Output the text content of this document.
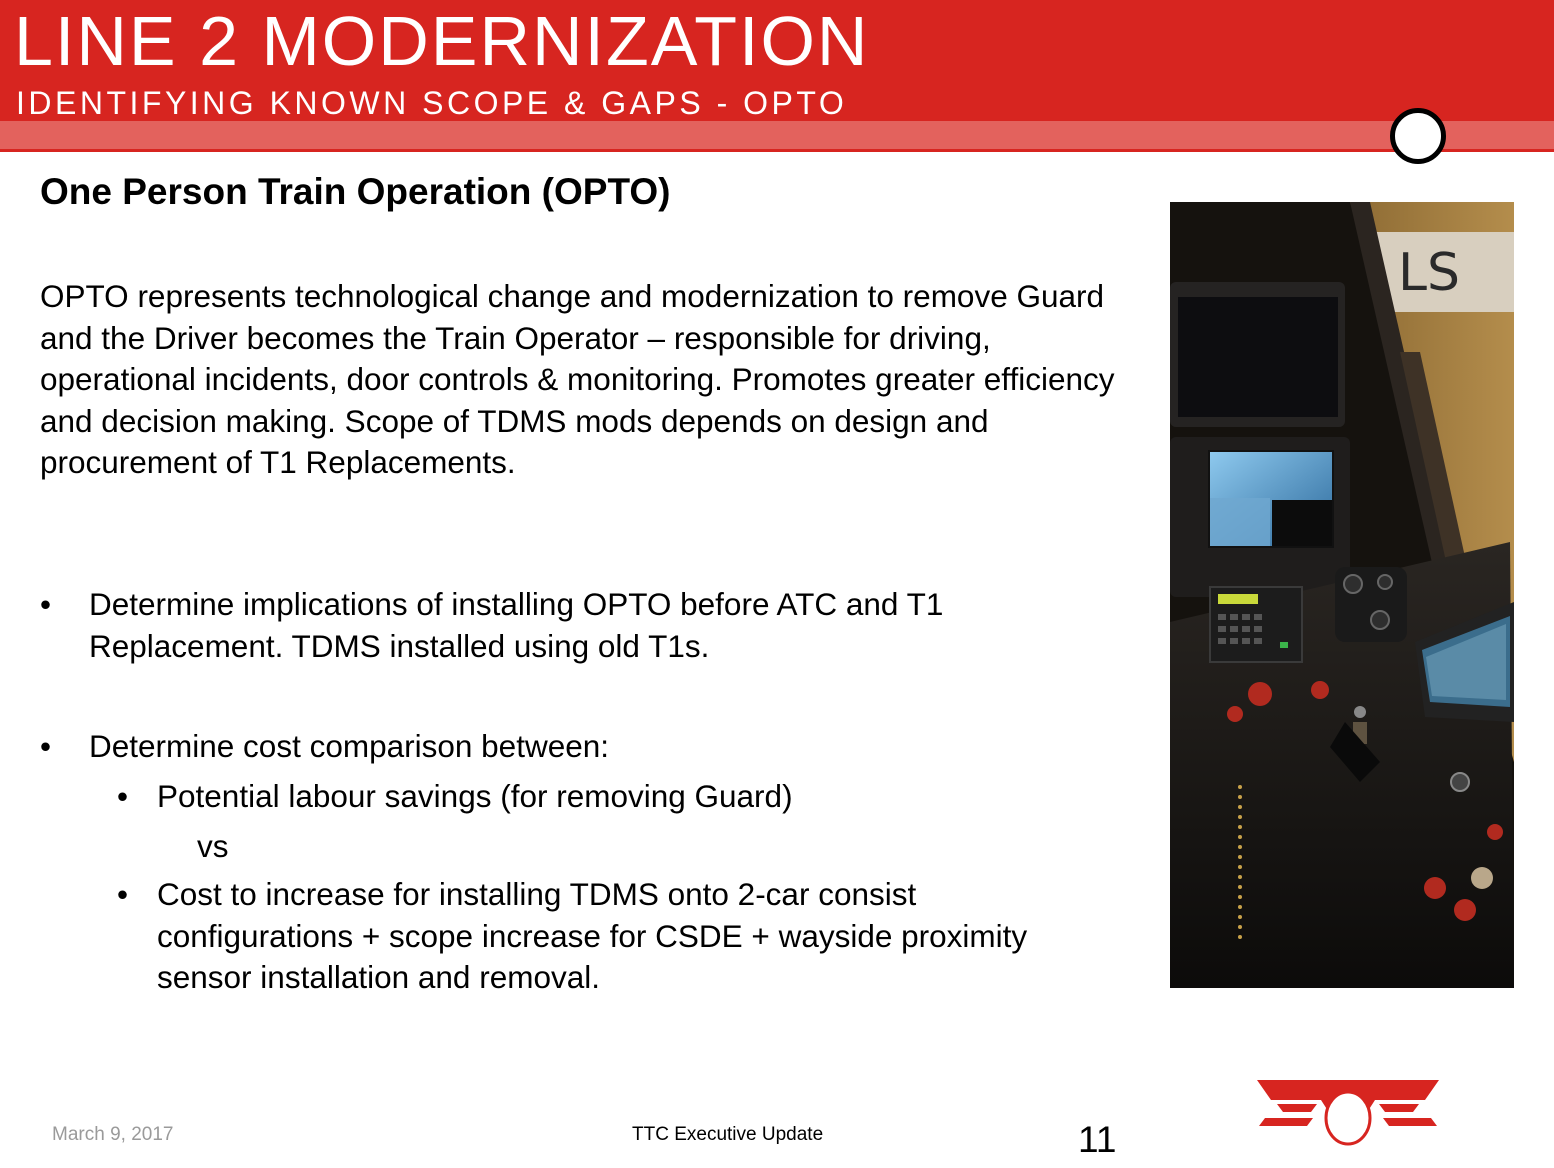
LINE 2 MODERNIZATION
IDENTIFYING KNOWN SCOPE & GAPS - OPTO
One Person Train Operation (OPTO)
OPTO represents technological change and modernization to remove Guard and the Driver becomes the Train Operator – responsible for driving, operational incidents, door controls & monitoring. Promotes greater efficiency and decision making. Scope of TDMS mods depends on design and procurement of T1 Replacements.
• Determine implications of installing OPTO before ATC and T1 Replacement. TDMS installed using old T1s.
• Determine cost comparison between:
• Potential labour savings (for removing Guard)
vs
• Cost to increase for installing TDMS onto 2-car consist configurations + scope increase for CSDE + wayside proximity sensor installation and removal.
LS
March 9, 2017	TTC Executive Update	11
